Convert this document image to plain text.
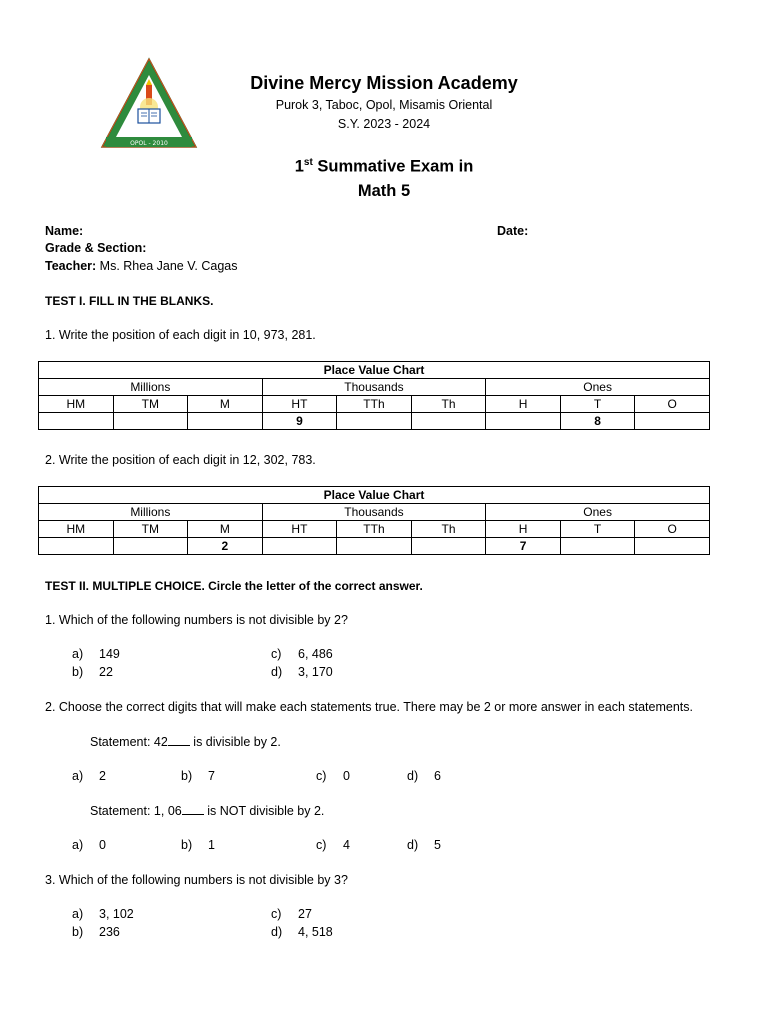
OPOL - 2010
Divine Mercy Mission Academy
Purok 3, Taboc, Opol, Misamis Oriental
S.Y. 2023 - 2024
1st Summative Exam in
Math 5
Name:	Date:
Grade & Section:
Teacher: Ms. Rhea Jane V. Cagas
TEST I. FILL IN THE BLANKS.
1. Write the position of each digit in 10, 973, 281.
Place Value Chart								
Millions			Thousands			Ones		
HM	TM	M	HT	TTh	Th	H	T	O
			9				8	
2. Write the position of each digit in 12, 302, 783.
Place Value Chart								
Millions			Thousands			Ones		
HM	TM	M	HT	TTh	Th	H	T	O
		2				7		
TEST II. MULTIPLE CHOICE. Circle the letter of the correct answer.
1. Which of the following numbers is not divisible by 2?
a) 149
b) 22
c) 6, 486
d) 3, 170
2. Choose the correct digits that will make each statements true. There may be 2 or more answer in each statements.
Statement: 42 is divisible by 2.
a) 2	b) 7	c) 0	d) 6
Statement: 1, 06 is NOT divisible by 2.
a) 0	b) 1	c) 4	d) 5
3. Which of the following numbers is not divisible by 3?
a) 3, 102
b) 236
c) 27
d) 4, 518
